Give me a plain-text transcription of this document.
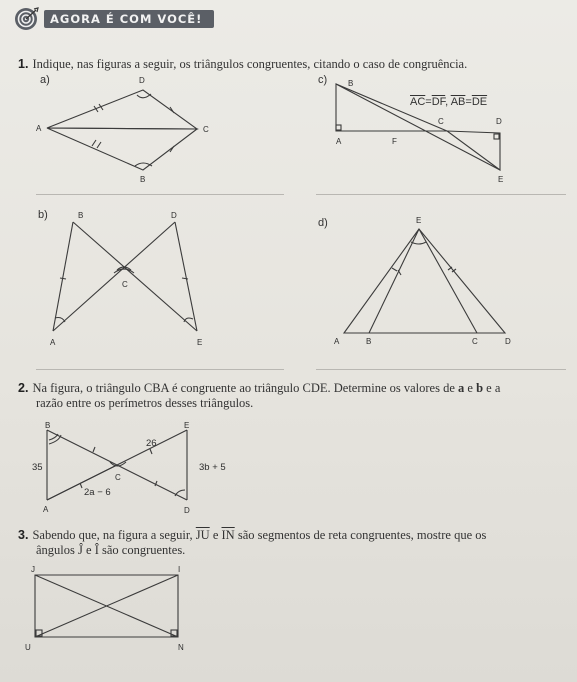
AGORA É COM VOCÊ!
1. Indique, nas figuras a seguir, os triângulos congruentes, citando o caso de congruência.
a)	D
A	C
B
c)
$\overline{AC}=\overline{DF}$, $\overline{AB}=\overline{DE}$
B
C	D
A	F
E
b)	B	D
C
A	E
d)	E
A	B	C	D
2. Na figura, o triângulo CBA é congruente ao triângulo CDE. Determine os valores de a e b e a
razão entre os perímetros desses triângulos.
B	E
C
A	D
26
35	3b + 5
2a − 6
3. Sabendo que, na figura a seguir, $\overline{JU}$ e $\overline{IN}$ são segmentos de reta congruentes, mostre que os
ângulos Ĵ e Î são congruentes.
J	I
U	N
